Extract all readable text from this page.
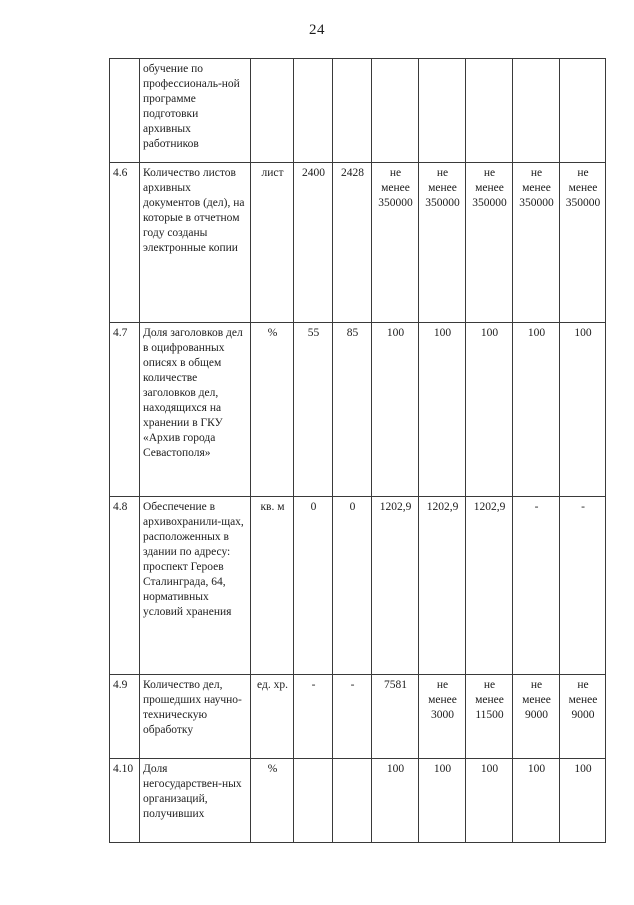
24
	обучение по профессиональ-ной программе подготовки архивных работников								
4.6	Количество листов архивных документов (дел), на которые в отчетном году созданы электронные копии	лист	2400	2428	не менее 350000	не менее 350000	не менее 350000	не менее 350000	не менее 350000
4.7	Доля заголовков дел в оцифрованных описях в общем количестве заголовков дел, находящихся на хранении в ГКУ «Архив города Севастополя»	%	55	85	100	100	100	100	100
4.8	Обеспечение в архивохранили-щах, расположенных в здании по адресу: проспект Героев Сталинграда, 64, нормативных условий хранения	кв. м	0	0	1202,9	1202,9	1202,9	-	-
4.9	Количество дел, прошедших научно-техническую обработку	ед. хр.	-	-	7581	не менее 3000	не менее 11500	не менее 9000	не менее 9000
4.10	Доля негосударствен-ных организаций, получивших	%			100	100	100	100	100
